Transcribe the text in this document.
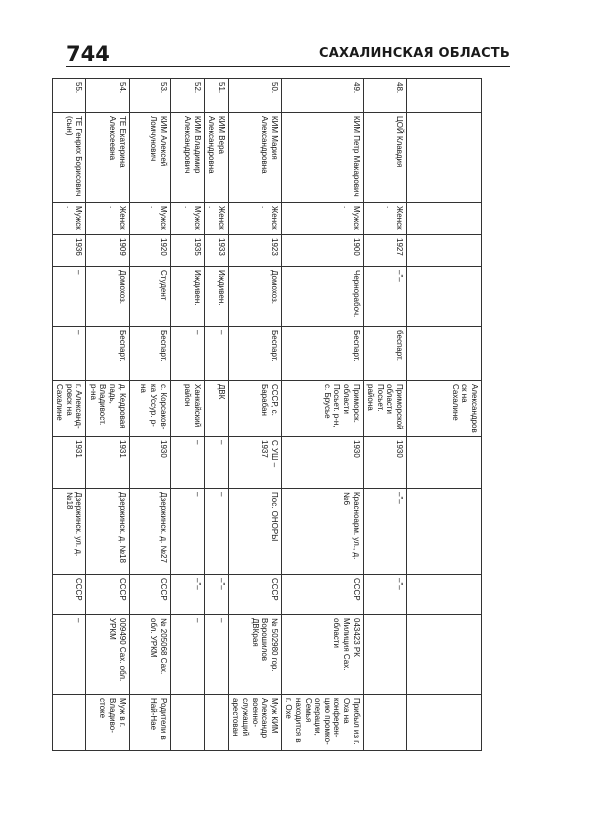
744	САХАЛИНСКАЯ ОБЛАСТЬ
						Александров ск на Сахалине					
48.	ЦОЙ Клавдия	Женск.	1927	–"–	беспарт.	Приморской области Посьет. района	1930	–"–	–"–		
49.	КИМ Петр Макарович	Мужск.	1900	Чернорабоч.	Беспарт.	Приморск. области Посьет. р-н, с. Брусье	1930	Красноарм. ул., д. №6	СССР	043423 РК Милиция Сах. области	Прибыл из г. Оха на конферен-цию промко-операции, Семья находится в г. Охе
50.	КИМ Мария Александровна	Женск.	1923	Домохоз.	Беспарт.	СССР, с. Барабан	С УШ – 1937	Пос. ОНОРЫ	СССР	№ 502980 гор. Ворошилов ДВКрая	Муж КИМ Александр военно-служащий арестован
51.	КИМ Вера Александровна	Женск.	1933	Иждивен.	–	ДВК	–	–	–"–	–	
52.	КИМ Владимир Александрович	Мужск.	1935	Иждивен.	–	Ханкайский район	–	–	–"–	–	
53.	КИМ Алексей Ломчунович	Мужск.	1920	Студент	Беспарт.	с. Корсаков-ка Уссур. р-на	1930	Дзержинск. д. №27	СССР	№ 205068 Сах. обл. УРКМ	Родители в Най-Нае
54.	ТЕ Екатерина Алексеевна	Женск.	1909	Домохоз.	Беспарт.	д. Кедровая падь, Владивост. р-на	1931	Дзержинск. д. №18	СССР	009490 Сах. обл. УРКМ	Муж в г. Владиво-стоке
55.	ТЕ Генрих Борисович (сын)	Мужск.	1936	–	–	г. Александ-ровск на Сахалине	1931	Дзержинск. ул. д. №18	СССР	–	
